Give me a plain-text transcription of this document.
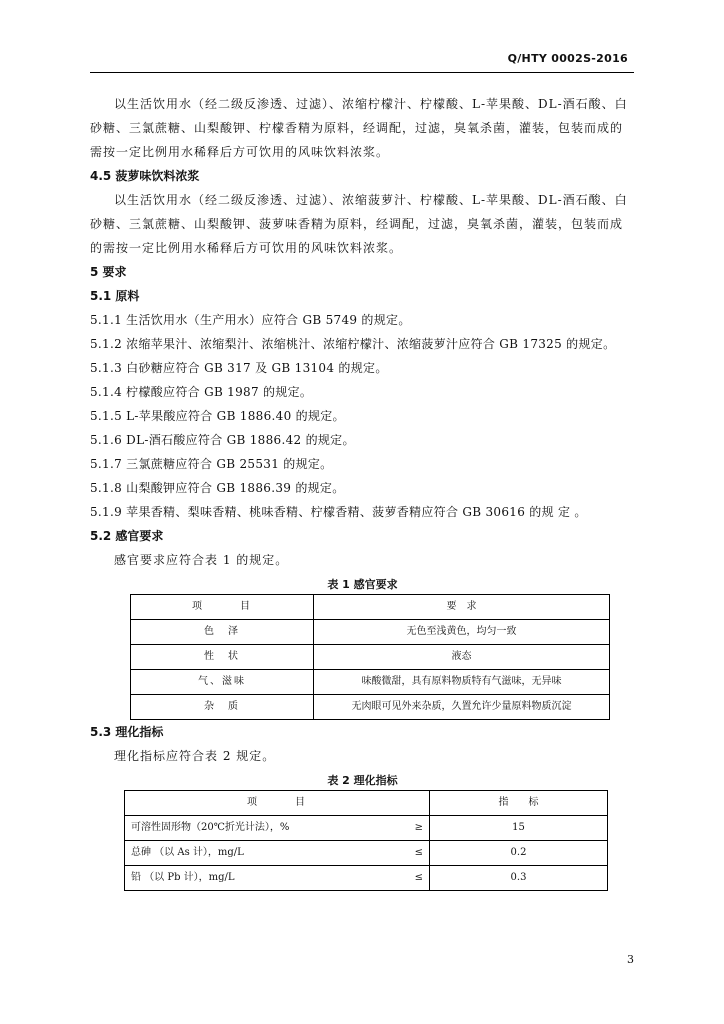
Q/HTY 0002S-2016

以生活饮用水（经二级反渗透、过滤）、浓缩柠檬汁、柠檬酸、L-苹果酸、DL-酒石酸、白砂糖、三氯蔗糖、山梨酸钾、柠檬香精为原料，经调配，过滤，臭氧杀菌，灌装，包装而成的需按一定比例用水稀释后方可饮用的风味饮料浓浆。

4.5 菠萝味饮料浓浆

以生活饮用水（经二级反渗透、过滤）、浓缩菠萝汁、柠檬酸、L-苹果酸、DL-酒石酸、白砂糖、三氯蔗糖、山梨酸钾、菠萝味香精为原料，经调配，过滤，臭氧杀菌，灌装，包装而成的需按一定比例用水稀释后方可饮用的风味饮料浓浆。

5 要求

5.1 原料

5.1.1 生活饮用水（生产用水）应符合 GB 5749 的规定。

5.1.2 浓缩苹果汁、浓缩梨汁、浓缩桃汁、浓缩柠檬汁、浓缩菠萝汁应符合 GB 17325 的规定。

5.1.3 白砂糖应符合 GB 317 及 GB 13104 的规定。

5.1.4 柠檬酸应符合 GB 1987 的规定。

5.1.5 L-苹果酸应符合 GB 1886.40 的规定。

5.1.6 DL-酒石酸应符合 GB 1886.42 的规定。

5.1.7 三氯蔗糖应符合 GB 25531 的规定。

5.1.8 山梨酸钾应符合 GB 1886.39 的规定。

5.1.9 苹果香精、梨味香精、桃味香精、柠檬香精、菠萝香精应符合 GB 30616 的规 定 。

5.2 感官要求

感官要求应符合表 1 的规定。

表 1 感官要求
项　　　目	要　求
色　泽	无色至浅黄色，均匀一致
性　状	液态
气、滋味	味酸微甜，具有原料物质特有气滋味，无异味
杂　质	无肉眼可见外来杂质，久置允许少量原料物质沉淀

5.3 理化指标

理化指标应符合表 2 规定。

表 2 理化指标
项　　　目		指　　标
可溶性固形物（20℃折光计法），%	≥	15
总砷 （以 As 计），mg/L	≤	0.2
铅 （以 Pb 计），mg/L	≤	0.3
3
